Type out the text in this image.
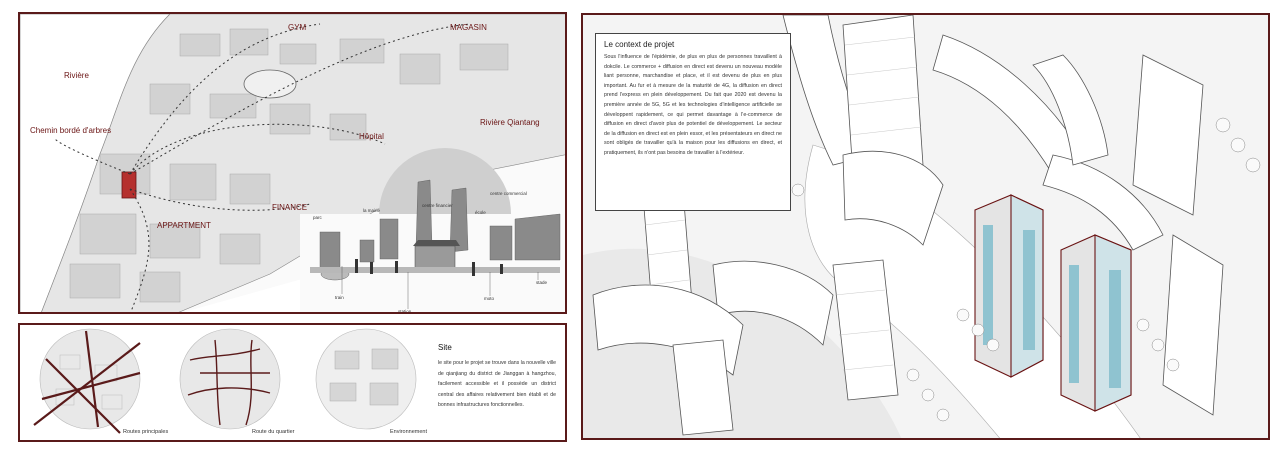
GYM	MAGASIN
Rivière
Rivière Qiantang
Chemin bordé d'arbres
Hôpital
FINANCE
APPARTMENT
centre commercial
centre financier
la mairie
parc
école
train
station
moto
stade
Routes principales	Route du quartier	Environnement
Site
le site pour le projet se trouve dans la nouvelle ville de qianjiang du district de Jianggan à hangzhou, facilement accessible et il possède un district central des affaires relativement bien établi et de bonnes infrastructures fonctionnelles.

Le context de projet

Sous l'influence de l'épidémie, de plus en plus de personnes travaillent à dokcile. Le commerce + diffusion en direct est devenu un nouveau modèle liant personne, marchandise et place, et il est devenu de plus en plus important. Au fur et à mesure de la maturité de 4G, la diffusion en direct prend l'express en plein développement. Du fait que 2020 est devenu la première année de 5G, 5G et les technologies d'intelligence artificielle se développent rapidement, ce qui permet davantage à l'e-commerce de diffusion en direct d'avoir plus de potentiel de développement. Le secteur de la diffusion en direct est en plein essor, et les présentateurs en direct ne sont obligés de travailler qu'à la maison pour les diffusions en direct, et pratiquement, ils n'ont pas besoins de travailler à l'extérieur.
